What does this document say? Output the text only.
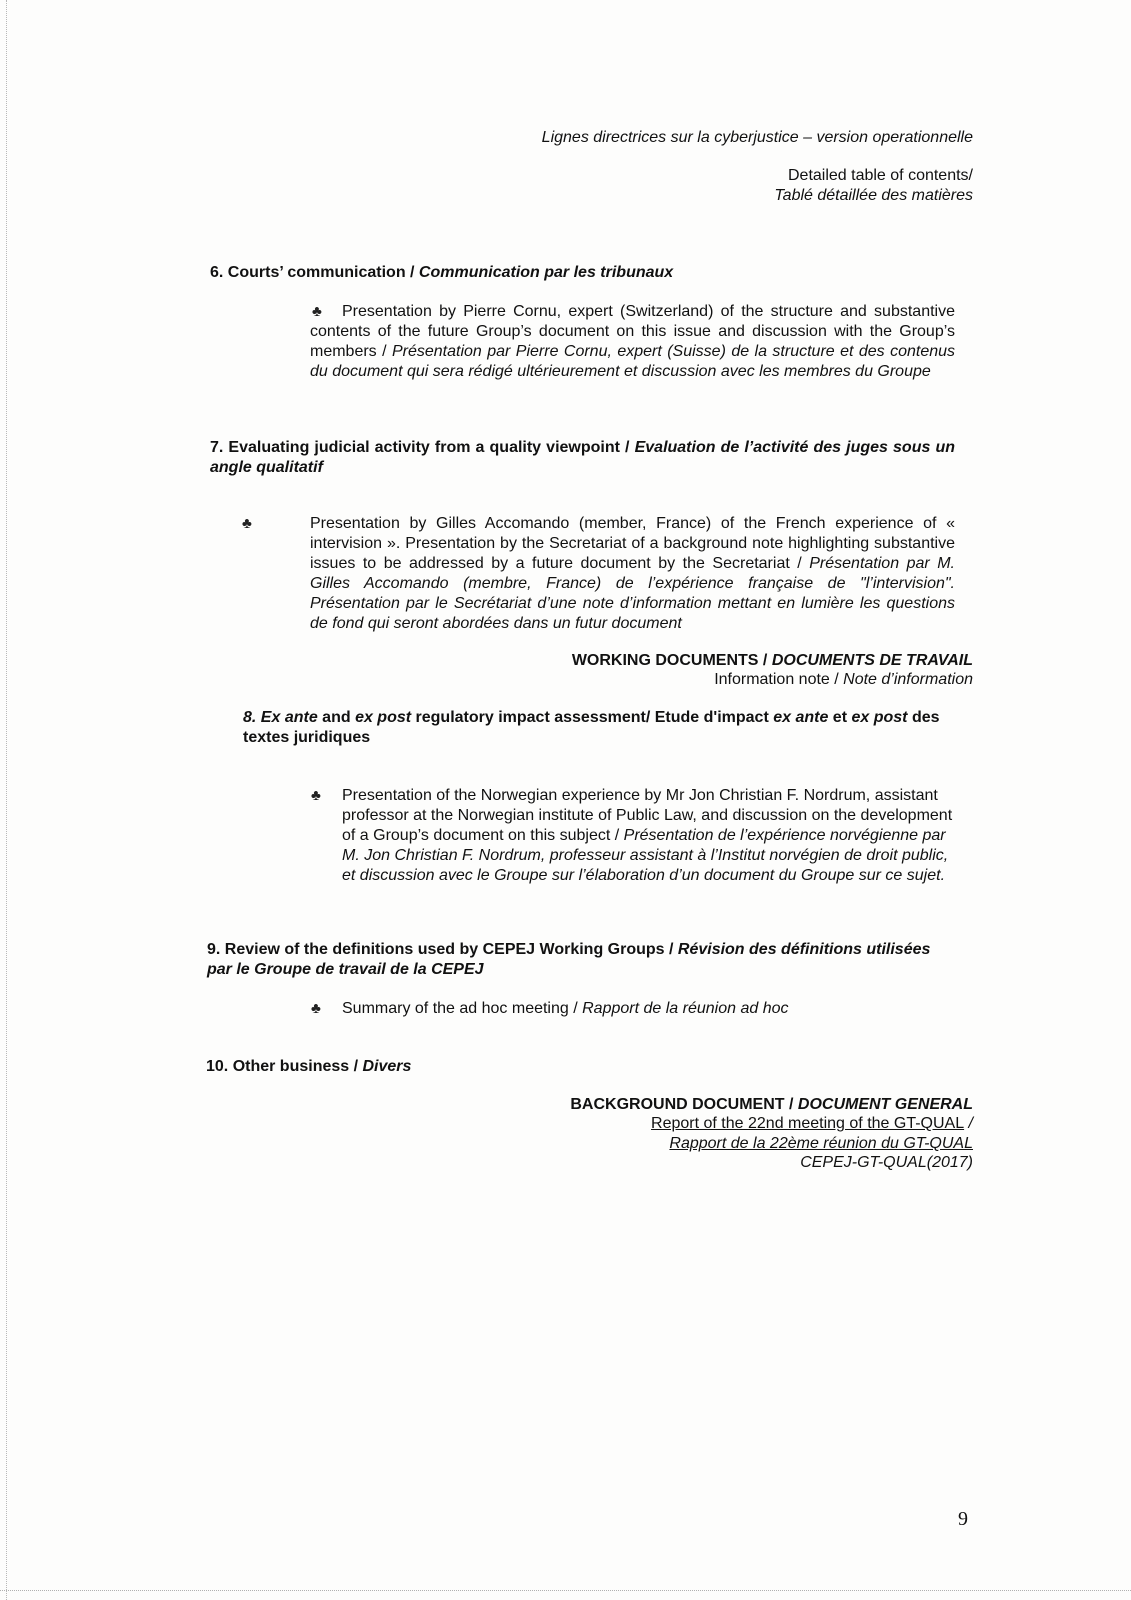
Lignes directrices sur la cyberjustice – version operationnelle
Detailed table of contents/
Tablé détaillée des matières
6. Courts’ communication / Communication par les tribunaux
♣	Presentation by Pierre Cornu, expert (Switzerland) of the structure and substantive contents of the future Group’s document on this issue and discussion with the Group’s members / Présentation par Pierre Cornu, expert (Suisse) de la structure et des contenus du document qui sera rédigé ultérieurement et discussion avec les membres du Groupe
7. Evaluating judicial activity from a quality viewpoint / Evaluation de l’activité des juges sous un angle qualitatif
♣	Presentation by Gilles Accomando (member, France) of the French experience of « intervision ». Presentation by the Secretariat of a background note highlighting substantive issues to be addressed by a future document by the Secretariat / Présentation par M. Gilles Accomando (membre, France) de l’expérience française de "l’intervision". Présentation par le Secrétariat d’une note d’information mettant en lumière les questions de fond qui seront abordées dans un futur document
WORKING DOCUMENTS / DOCUMENTS DE TRAVAIL
Information note / Note d’information
8. Ex ante and ex post regulatory impact assessment/ Etude d'impact ex ante et ex post des textes juridiques
♣ Presentation of the Norwegian experience by Mr Jon Christian F. Nordrum, assistant professor at the Norwegian institute of Public Law, and discussion on the development of a Group’s document on this subject / Présentation de l’expérience norvégienne par M. Jon Christian F. Nordrum, professeur assistant à l’Institut norvégien de droit public, et discussion avec le Groupe sur l’élaboration d’un document du Groupe sur ce sujet.
9. Review of the definitions used by CEPEJ Working Groups / Révision des définitions utilisées par le Groupe de travail de la CEPEJ
♣ Summary of the ad hoc meeting / Rapport de la réunion ad hoc
10. Other business / Divers
BACKGROUND DOCUMENT / DOCUMENT GENERAL
Report of the 22nd meeting of the GT-QUAL /
Rapport de la 22ème réunion du GT-QUAL
CEPEJ-GT-QUAL(2017)
9
